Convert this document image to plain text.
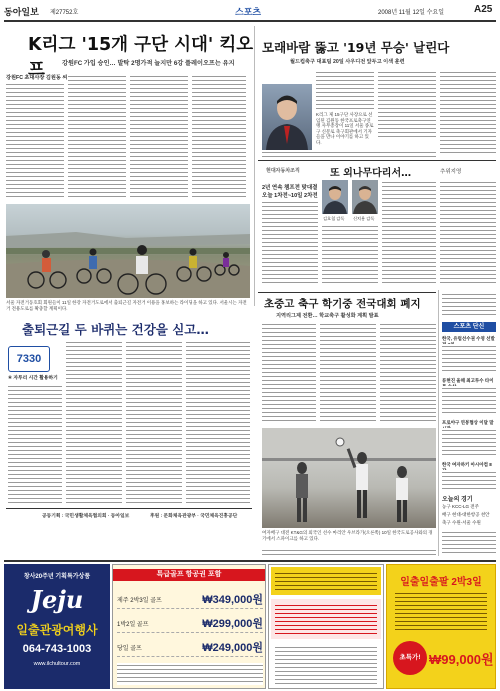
동아일보 제27752호	스포츠	2008년 11월 12일 수요일	A25
K리그 '15개 구단 시대' 킥오프	강원FC 가입 승인… 발탁 2명가적 늘지만 6강 플레이오프는 유지
강원FC 초대사장 김원동 씨
K리그 제 15구단 사장으로 선임된 김원동 한국프로축구연맹 사무총장이 11일 서울 종로구 신문로 축구회관에서 기자들을 만나 이야기를 하고 있다.
모래바람 뚫고 '19년 무승' 날린다
월드컵축구 대표팀 20일 사우디전 앞두고 이색 훈련
현대자동차조직	또 외나무다리서…	추위지영
2년 연속 챔프전 맞대결
오늘 1차전~10일 2차전
김호철 감독 신치용 감독
초중고 축구 학기중 전국대회 폐지
지역리그제 전환… 학교축구 활성화 계획 발표
여자배구 대전 KT&G의 외국인 선수 마리안 우브라가(오른쪽) 10일 한국도로공사와의 경기에서 스파이크를 하고 있다.
스포츠 단신
한국, 유럽선수권 수영 선발
류현진 올해 최고투수 타이
프로야구 연봉협상 이달 말
한국 여자하키 아시아컵 8
오늘의 경기
농구 KCC-LG 전주
배구 현대-대한항공 천안
축구 수원-서울 수원
서울 자전거동호회 회원들이 11일 한강 자전거도로에서 출퇴근길 자전거 이용을 홍보하는 라이딩을 하고 있다. 서울시는 자전거 전용도로를 확충할 계획이다.
출퇴근길 두 바퀴는 건강을 싣고…
7330
⑥ 자투리 시간 활용하기
공동기획 : 국민생활체육협의회 · 동아일보	후원 : 문화체육관광부 · 국민체육진흥공단
창사20주년 기획특가상품
Jeju
일출관광여행사
064-743-1003
www.ilchultour.com
특급골프 항공권 포함
제주 2박3일 골프	₩349,000원
1박2일 골프	₩299,000원
당일 골프	₩249,000원
일출일출팔 2박3일
초특가! ₩99,000원
